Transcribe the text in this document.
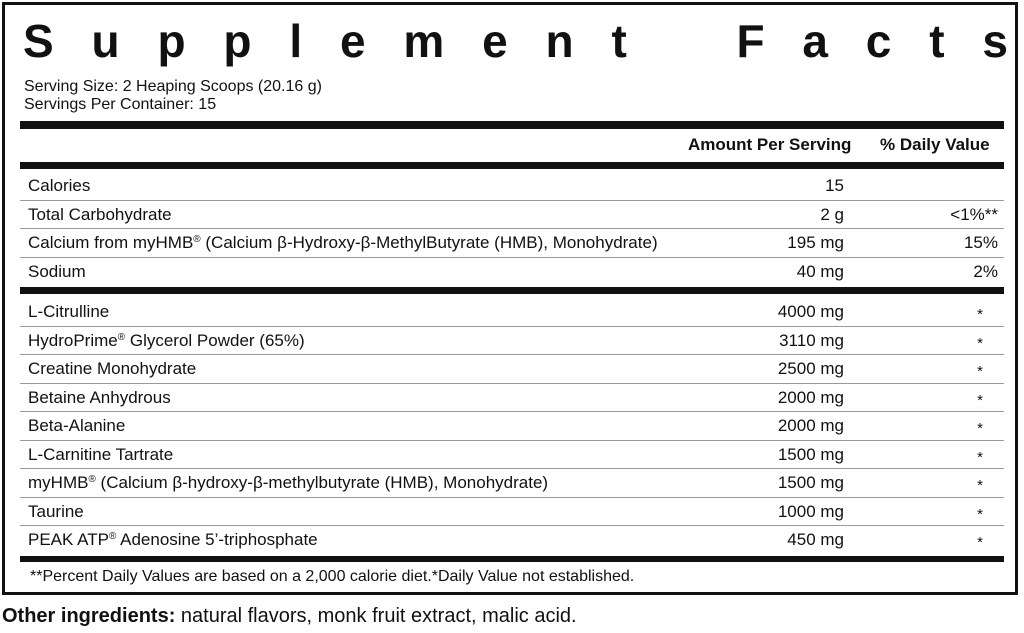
S u p p l e m e n t F a c t s
Serving Size: 2 Heaping Scoops (20.16 g)
Servings Per Container: 15
Amount Per Serving % Daily Value
Calories	15
Total Carbohydrate	2 g	<1%**
Calcium from myHMB® (Calcium β-Hydroxy-β-MethylButyrate (HMB), Monohydrate)	195 mg	15%
Sodium	40 mg	2%
L-Citrulline	4000 mg	*
HydroPrime® Glycerol Powder (65%)	3110 mg	*
Creatine Monohydrate	2500 mg	*
Betaine Anhydrous	2000 mg	*
Beta-Alanine	2000 mg	*
L-Carnitine Tartrate	1500 mg	*
myHMB® (Calcium β-hydroxy-β-methylbutyrate (HMB), Monohydrate)	1500 mg	*
Taurine	1000 mg	*
PEAK ATP® Adenosine 5’-triphosphate	450 mg	*
**Percent Daily Values are based on a 2,000 calorie diet.*Daily Value not established.
Other ingredients: natural flavors, monk fruit extract, malic acid.
